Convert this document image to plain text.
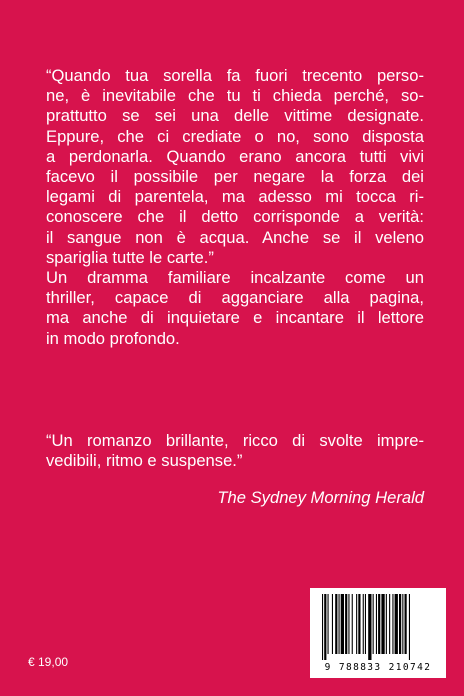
“Quando tua sorella fa fuori trecento perso-
ne, è inevitabile che tu ti chieda perché, so-
prattutto se sei una delle vittime designate.
Eppure, che ci crediate o no, sono disposta
a perdonarla. Quando erano ancora tutti vivi
facevo il possibile per negare la forza dei
legami di parentela, ma adesso mi tocca ri-
conoscere che il detto corrisponde a verità:
il sangue non è acqua. Anche se il veleno
sparigliа tutte le carte.”
Un dramma familiare incalzante come un
thriller, capace di agganciare alla pagina,
ma anche di inquietare e incantare il lettore
in modo profondo.
“Un romanzo brillante, ricco di svolte impre-
vedibili, ritmo e suspense.”
The Sydney Morning Herald
€ 19,00	9 788833 210742
